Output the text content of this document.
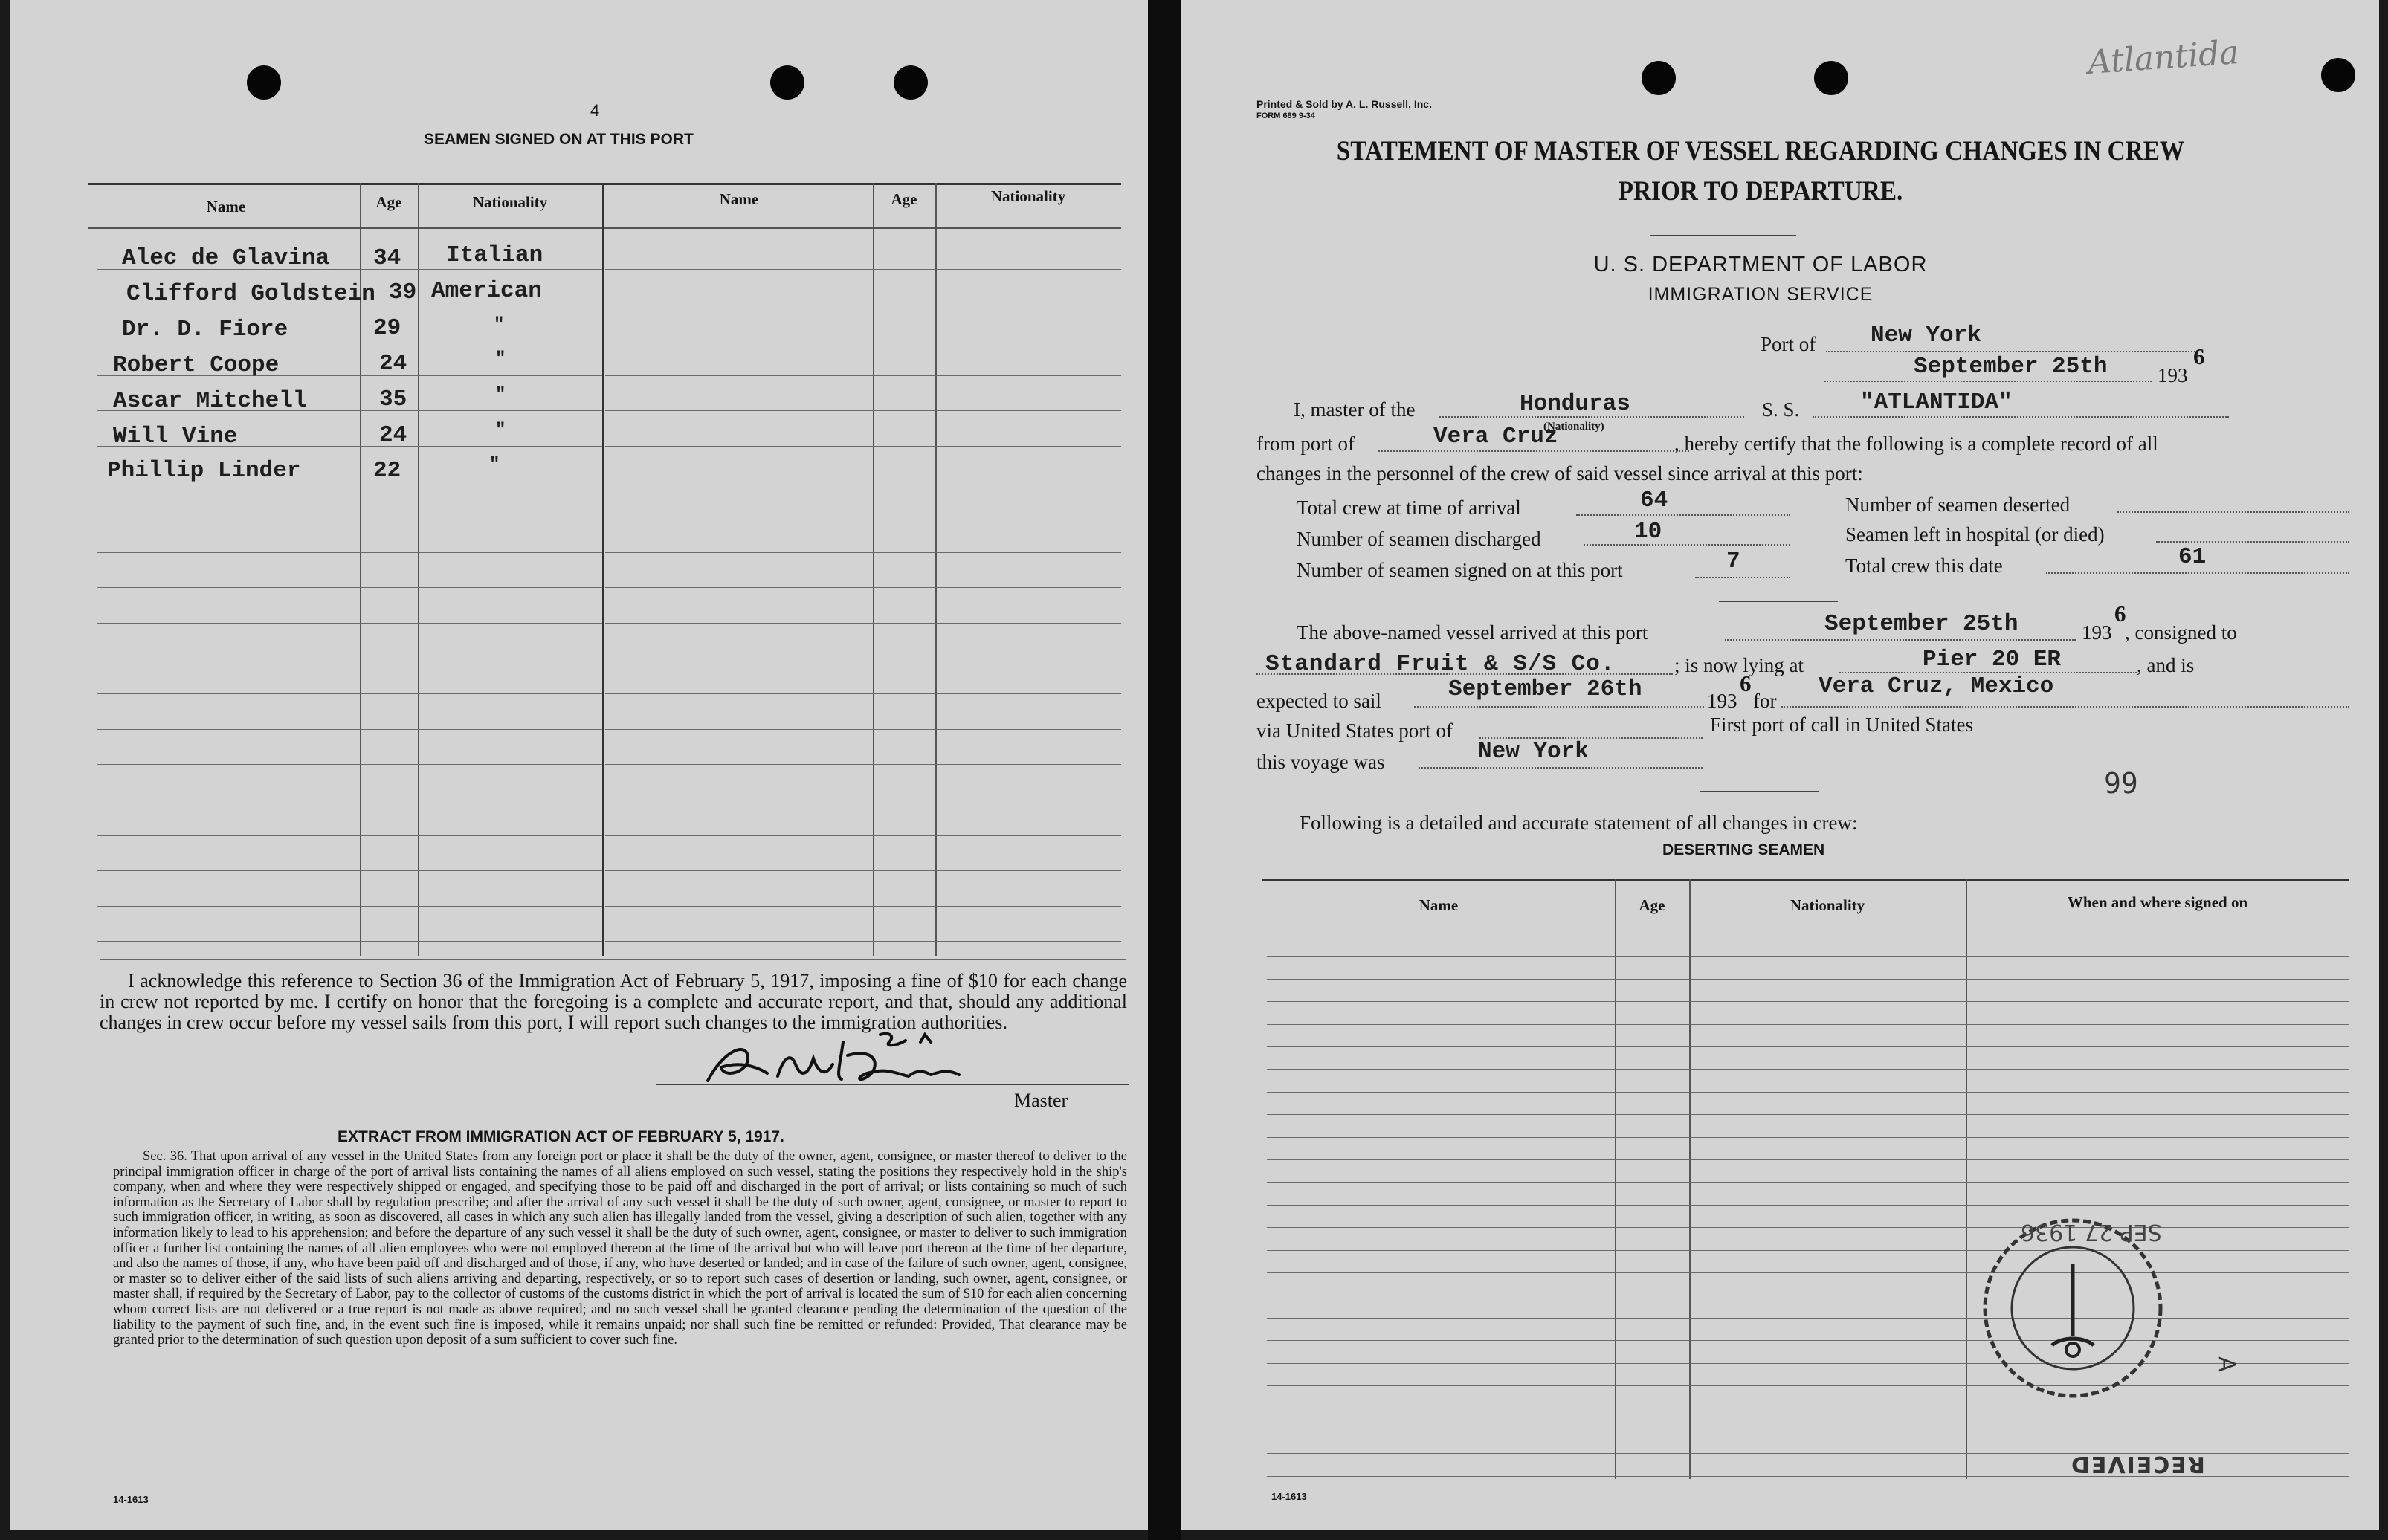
4
SEAMEN SIGNED ON AT THIS PORT
Name	Age	Nationality	Name	Age	Nationality
Alec de Glavina 34 Italian
Clifford Goldstein 39 American
Dr. D. Fiore	29	"
Robert Coope	24	"
Ascar Mitchell	35	"
Will Vine	24	"
Phillip Linder	22	"
I acknowledge this reference to Section 36 of the Immigration Act of February 5, 1917, imposing a fine of $10 for each change in crew not reported by me. I certify on honor that the foregoing is a complete and accurate report, and that, should any additional changes in crew occur before my vessel sails from this port, I will report such changes to the immigration authorities.
Master
EXTRACT FROM IMMIGRATION ACT OF FEBRUARY 5, 1917.
Sec. 36. That upon arrival of any vessel in the United States from any foreign port or place it shall be the duty of the owner, agent, consignee, or master thereof to deliver to the principal immigration officer in charge of the port of arrival lists containing the names of all aliens employed on such vessel, stating the positions they respectively hold in the ship's company, when and where they were respectively shipped or engaged, and specifying those to be paid off and discharged in the port of arrival; or lists containing so much of such information as the Secretary of Labor shall by regulation prescribe; and after the arrival of any such vessel it shall be the duty of such owner, agent, consignee, or master to report to such immigration officer, in writing, as soon as discovered, all cases in which any such alien has illegally landed from the vessel, giving a description of such alien, together with any information likely to lead to his apprehension; and before the departure of any such vessel it shall be the duty of such owner, agent, consignee, or master to deliver to such immigration officer a further list containing the names of all alien employees who were not employed thereon at the time of the arrival but who will leave port thereon at the time of her departure, and also the names of those, if any, who have been paid off and discharged and of those, if any, who have deserted or landed; and in case of the failure of such owner, agent, consignee, or master so to deliver either of the said lists of such aliens arriving and departing, respectively, or so to report such cases of desertion or landing, such owner, agent, consignee, or master shall, if required by the Secretary of Labor, pay to the collector of customs of the customs district in which the port of arrival is located the sum of $10 for each alien concerning whom correct lists are not delivered or a true report is not made as above required; and no such vessel shall be granted clearance pending the determination of the question of the liability to the payment of such fine, and, in the event such fine is imposed, while it remains unpaid; nor shall such fine be remitted or refunded: Provided, That clearance may be granted prior to the determination of such question upon deposit of a sum sufficient to cover such fine.
14-1613
Printed & Sold by A. L. Russell, Inc.
FORM 689 9-34
Atlantida
STATEMENT OF MASTER OF VESSEL REGARDING CHANGES IN CREW
PRIOR TO DEPARTURE.
U. S. DEPARTMENT OF LABOR
IMMIGRATION SERVICE
Port of New York
September 25th	193
6
I, master of the	Honduras	S. S.	"ATLANTIDA"
from port of	Vera Cruz
(Nationality)
, hereby certify that the following is a complete record of all
changes in the personnel of the crew of said vessel since arrival at this port:
Total crew at time of arrival	64	Number of seamen deserted
Number of seamen discharged	10	Seamen left in hospital (or died)
Number of seamen signed on at this port	7	Total crew this date	61
The above-named vessel arrived at this port	September 25th	193
6
, consigned to
Standard Fruit & S/S Co.	; is now lying at	Pier 20 ER	, and is
expected to sail	September 26th	193
6
for
Vera Cruz, Mexico
via United States port of	First port of call in United States
this voyage was	New York
99
Following is a detailed and accurate statement of all changes in crew:
DESERTING SEAMEN
Name	Age	Nationality	When and where signed on
SEP 27 1936
A
RECEIVED
14-1613
